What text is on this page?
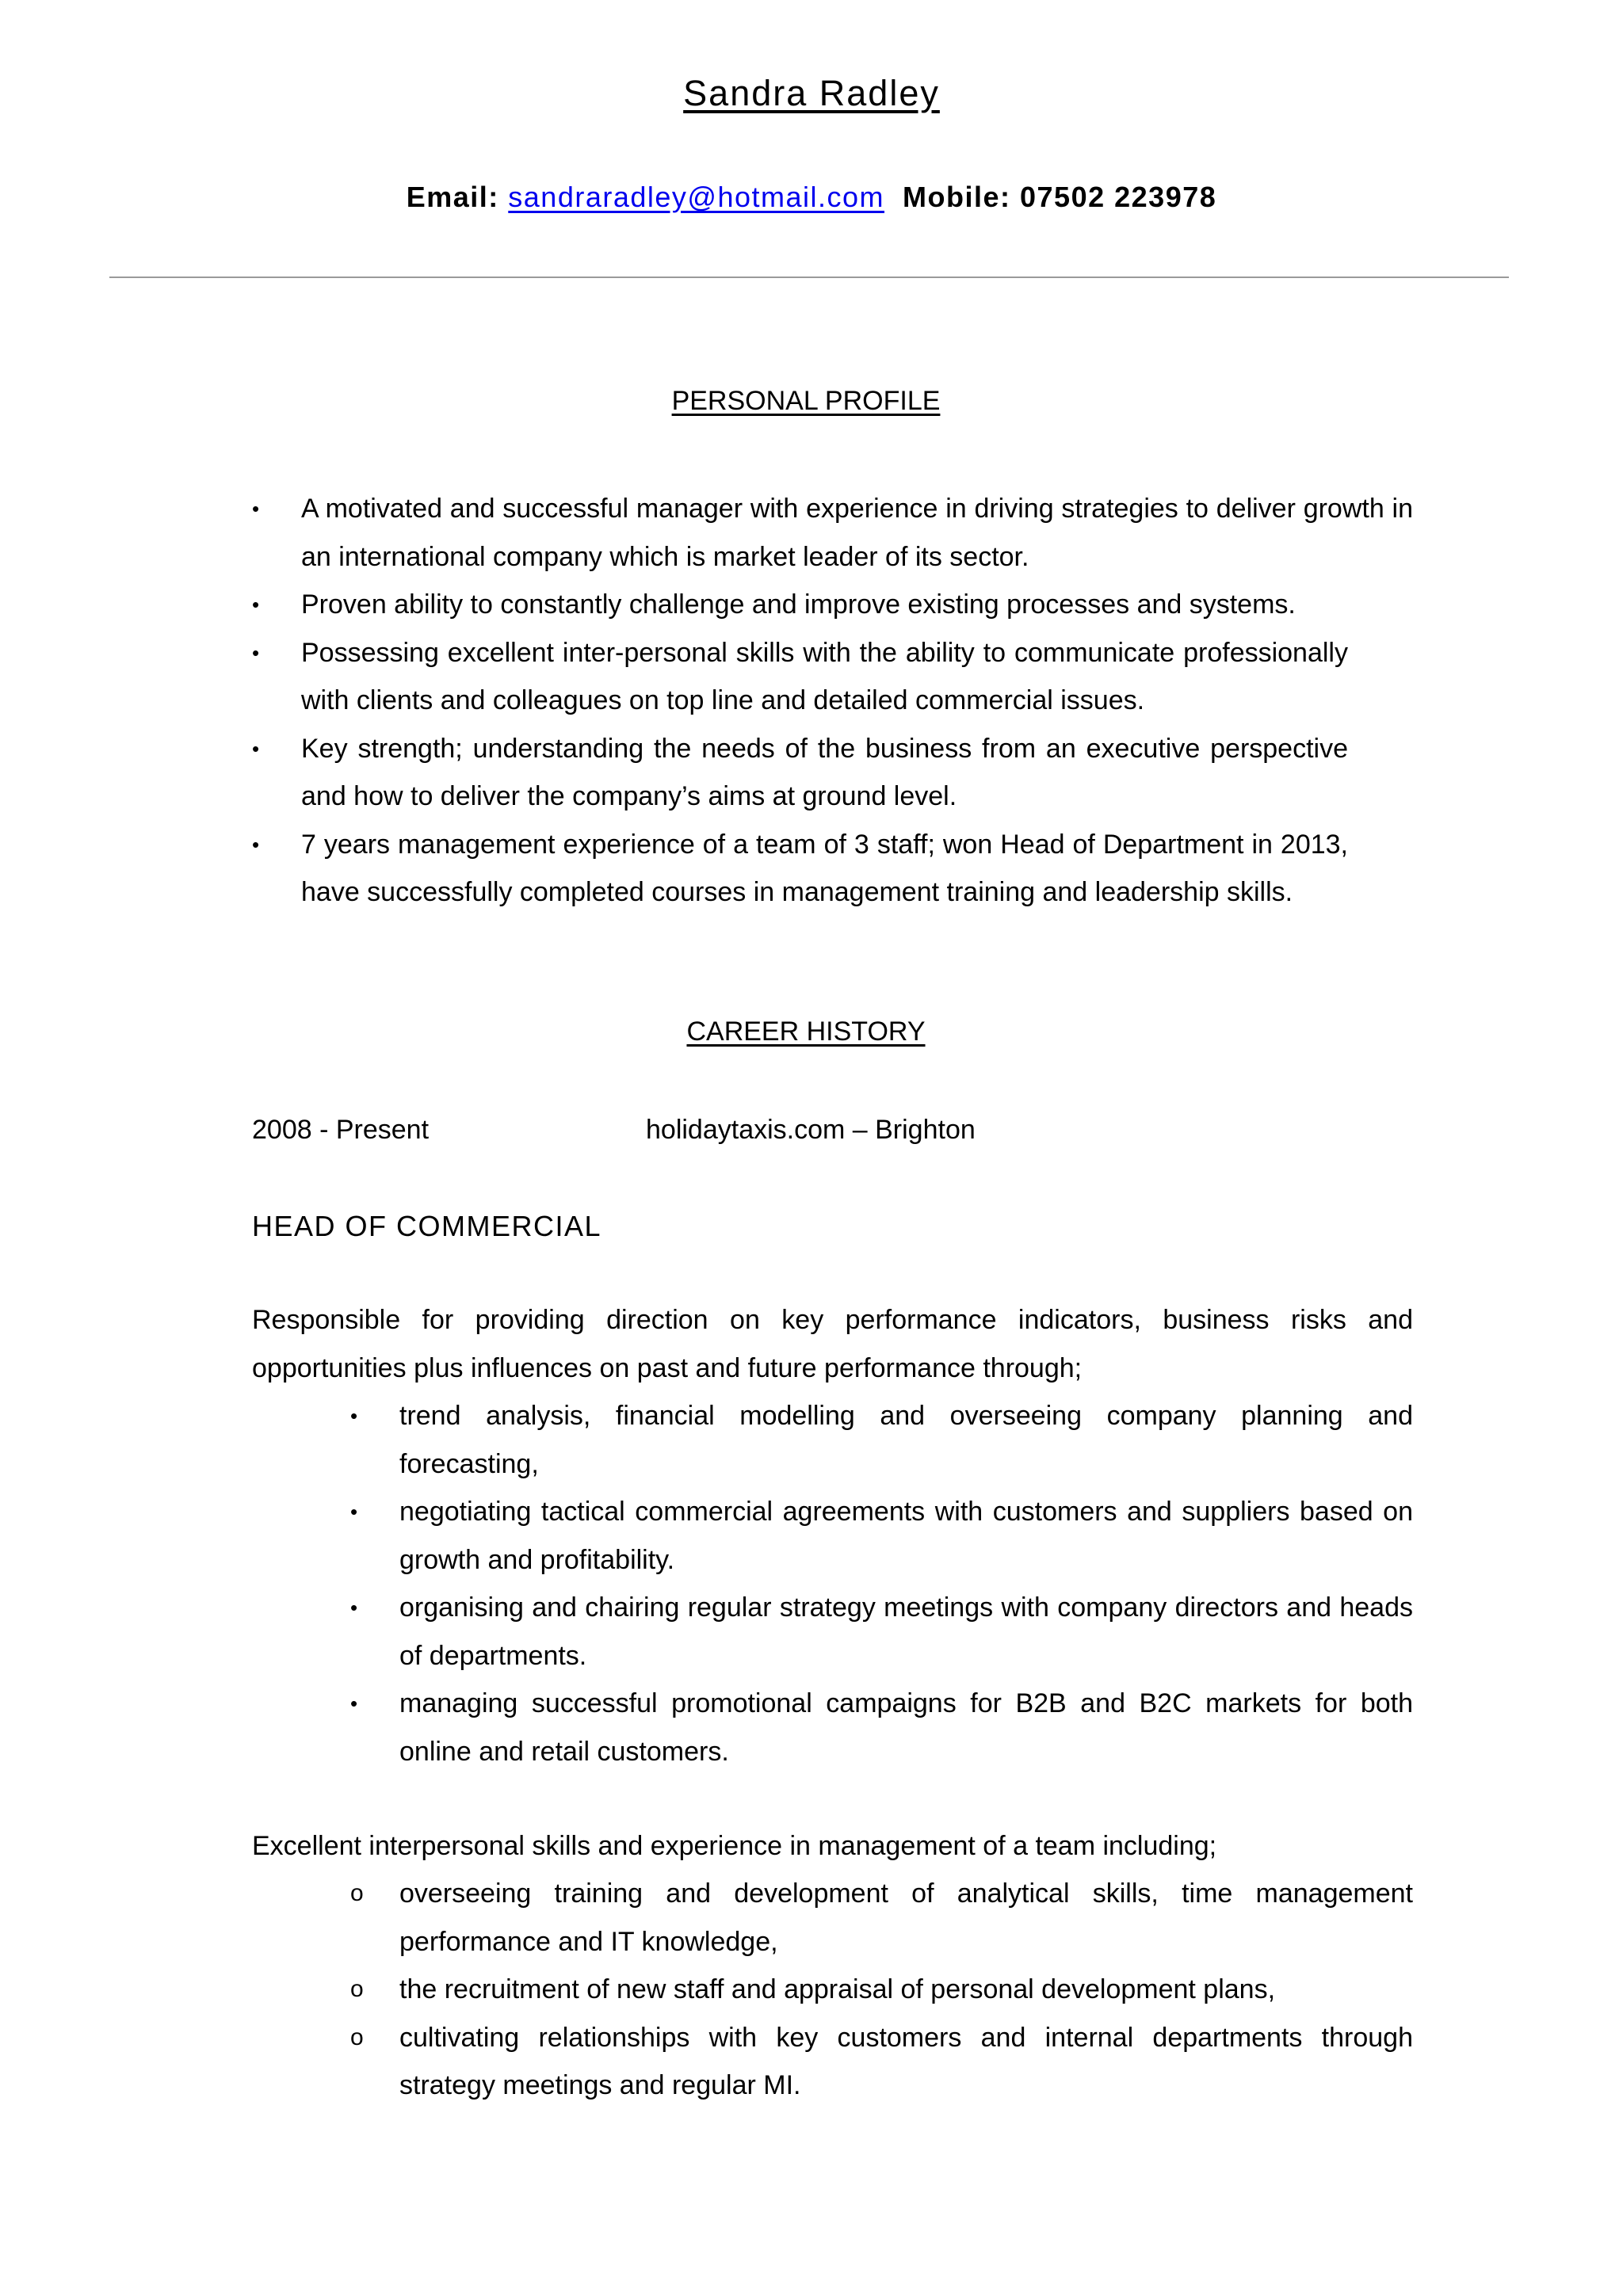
Sandra Radley
Email: sandraradley@hotmail.com Mobile: 07502 223978
PERSONAL PROFILE
• A motivated and successful manager with experience in driving strategies to deliver growth in an international company which is market leader of its sector.
• Proven ability to constantly challenge and improve existing processes and systems.
• Possessing excellent inter-personal skills with the ability to communicate professionally with clients and colleagues on top line and detailed commercial issues.
• Key strength; understanding the needs of the business from an executive perspective and how to deliver the company’s aims at ground level.
• 7 years management experience of a team of 3 staff; won Head of Department in 2013, have successfully completed courses in management training and leadership skills.
CAREER HISTORY
2008 - Present	holidaytaxis.com – Brighton
HEAD OF COMMERCIAL
Responsible for providing direction on key performance indicators, business risks and opportunities plus influences on past and future performance through;
• trend analysis, financial modelling and overseeing company planning and forecasting,
• negotiating tactical commercial agreements with customers and suppliers based on growth and profitability.
• organising and chairing regular strategy meetings with company directors and heads of departments.
• managing successful promotional campaigns for B2B and B2C markets for both online and retail customers.
Excellent interpersonal skills and experience in management of a team including;
o overseeing training and development of analytical skills, time management performance and IT knowledge,
o the recruitment of new staff and appraisal of personal development plans,
o cultivating relationships with key customers and internal departments through strategy meetings and regular MI.
